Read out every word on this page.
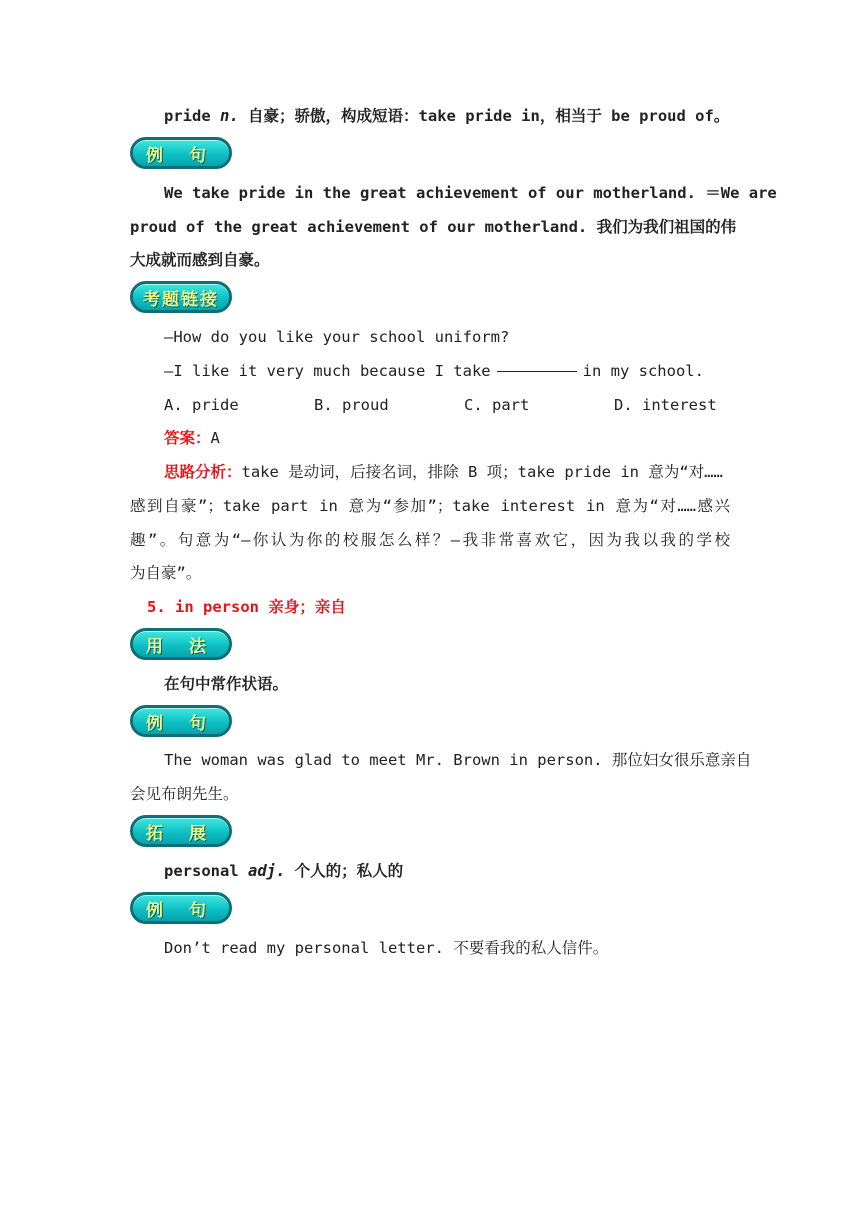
pride n. 自豪；骄傲，构成短语：take pride in，相当于 be proud of。
例 句
We take pride in the great achievement of our motherland. ＝We are
proud of the great achievement of our motherland. 我们为我们祖国的伟
大成就而感到自豪。
考题链接
—How do you like your school uniform?
—I like it very much because I take	in my school.
A. pride	B. proud	C. part	D. interest
答案：A
思路分析：take 是动词，后接名词，排除 B 项；take pride in 意为“对……
感到自豪”；take part in 意为“参加”；take interest in 意为“对……感兴
趣”。句意为“—你认为你的校服怎么样？—我非常喜欢它，因为我以我的学校
为自豪”。
5. in person 亲身；亲自
用 法
在句中常作状语。
例 句
The woman was glad to meet Mr. Brown in person. 那位妇女很乐意亲自
会见布朗先生。
拓 展
personal adj. 个人的；私人的
例 句
Don’t read my personal letter. 不要看我的私人信件。
